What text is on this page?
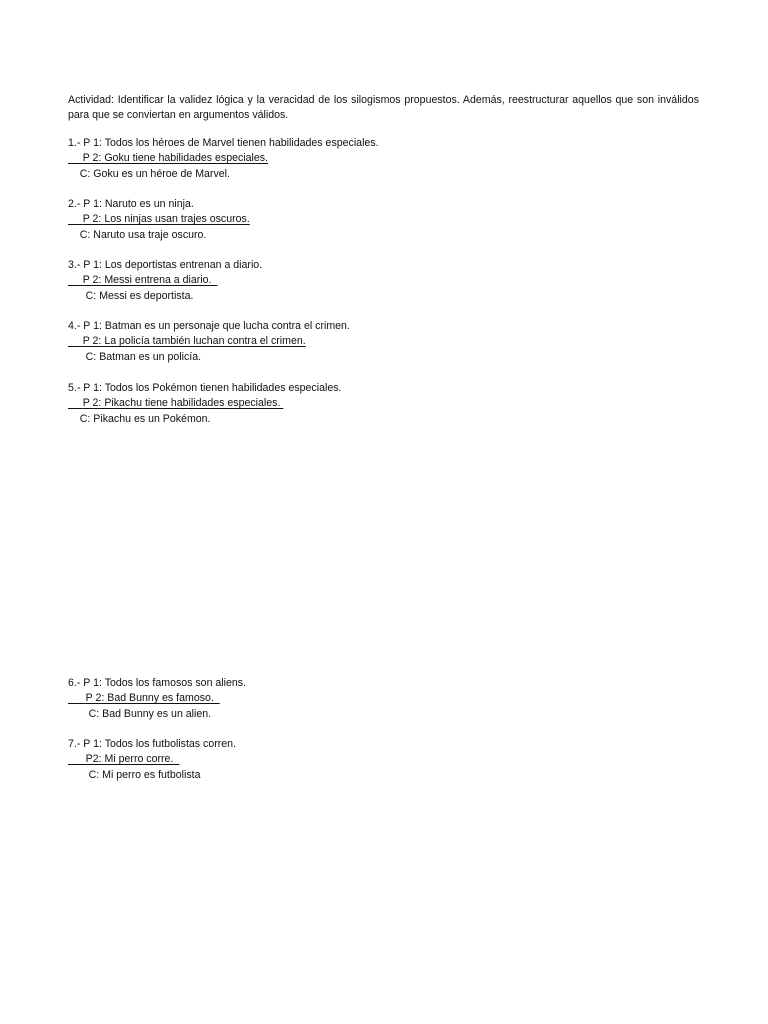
Actividad: Identificar la validez lógica y la veracidad de los silogismos propuestos. Además, reestructurar aquellos que son inválidos para que se conviertan en argumentos válidos.

1.- P 1: Todos los héroes de Marvel tienen habilidades especiales.
P 2: Goku tiene habilidades especiales.
C: Goku es un héroe de Marvel.
2.- P 1: Naruto es un ninja.
P 2: Los ninjas usan trajes oscuros.
C: Naruto usa traje oscuro.
3.- P 1: Los deportistas entrenan a diario.
P 2: Messi entrena a diario.
C: Messi es deportista.
4.- P 1: Batman es un personaje que lucha contra el crimen.
P 2: La policía también luchan contra el crimen.
C: Batman es un policía.
5.- P 1: Todos los Pokémon tienen habilidades especiales.
P 2: Pikachu tiene habilidades especiales.
C: Pikachu es un Pokémon.
6.- P 1: Todos los famosos son aliens.
P 2: Bad Bunny es famoso.
C: Bad Bunny es un alien.
7.- P 1: Todos los futbolistas corren.
P2: Mi perro corre.
C: Mi perro es futbolista
